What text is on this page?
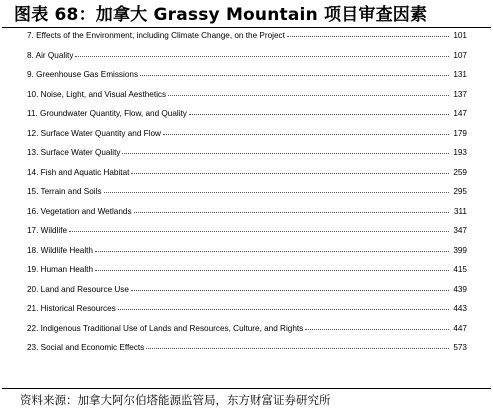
图表 68：加拿大 Grassy Mountain 项目审查因素
7. Effects of the Environment, including Climate Change, on the Project	101
8. Air Quality	107
9. Greenhouse Gas Emissions	131
10. Noise, Light, and Visual Aesthetics	137
11. Groundwater Quantity, Flow, and Quality	147
12. Surface Water Quantity and Flow	179
13. Surface Water Quality	193
14. Fish and Aquatic Habitat	259
15. Terrain and Soils	295
16. Vegetation and Wetlands	311
17. Wildlife	347
18. Wildlife Health	399
19. Human Health	415
20. Land and Resource Use	439
21. Historical Resources	443
22. Indigenous Traditional Use of Lands and Resources, Culture, and Rights	447
23. Social and Economic Effects	573
资料来源：加拿大阿尔伯塔能源监管局，东方财富证券研究所
